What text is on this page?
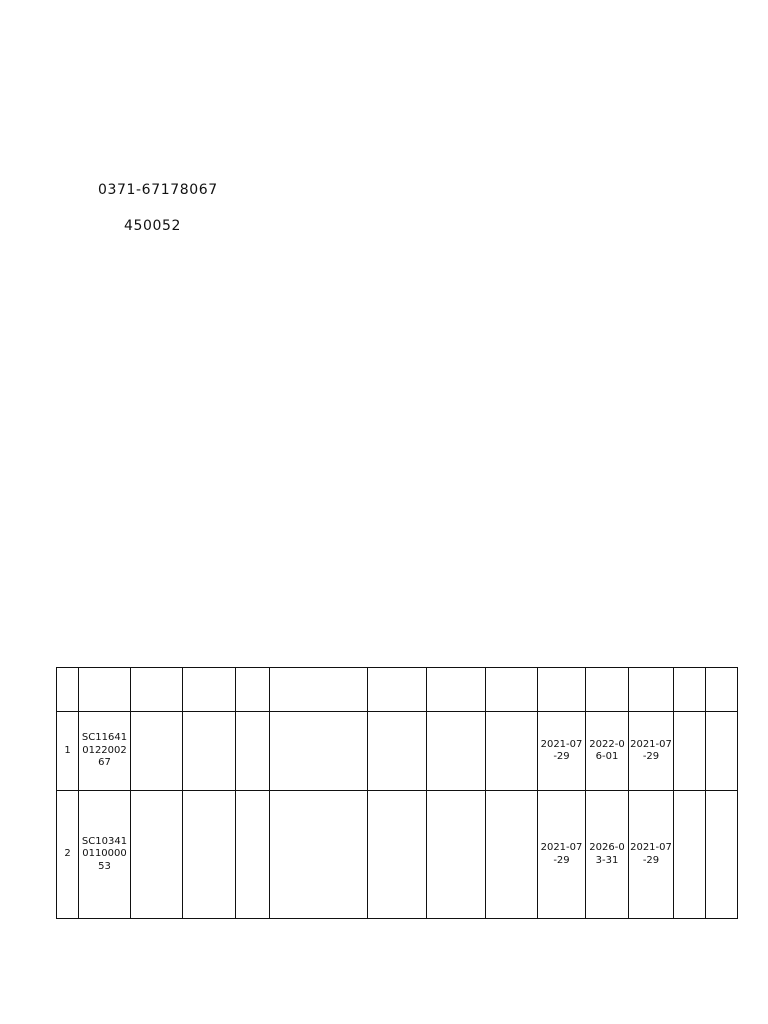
0371-67178067
450052

1	SC116410122002 67								2021-07-29	2022-06-01	2021-07-29		
2	SC103410110000 53								2021-07-29	2026-03-31	2021-07-29		
